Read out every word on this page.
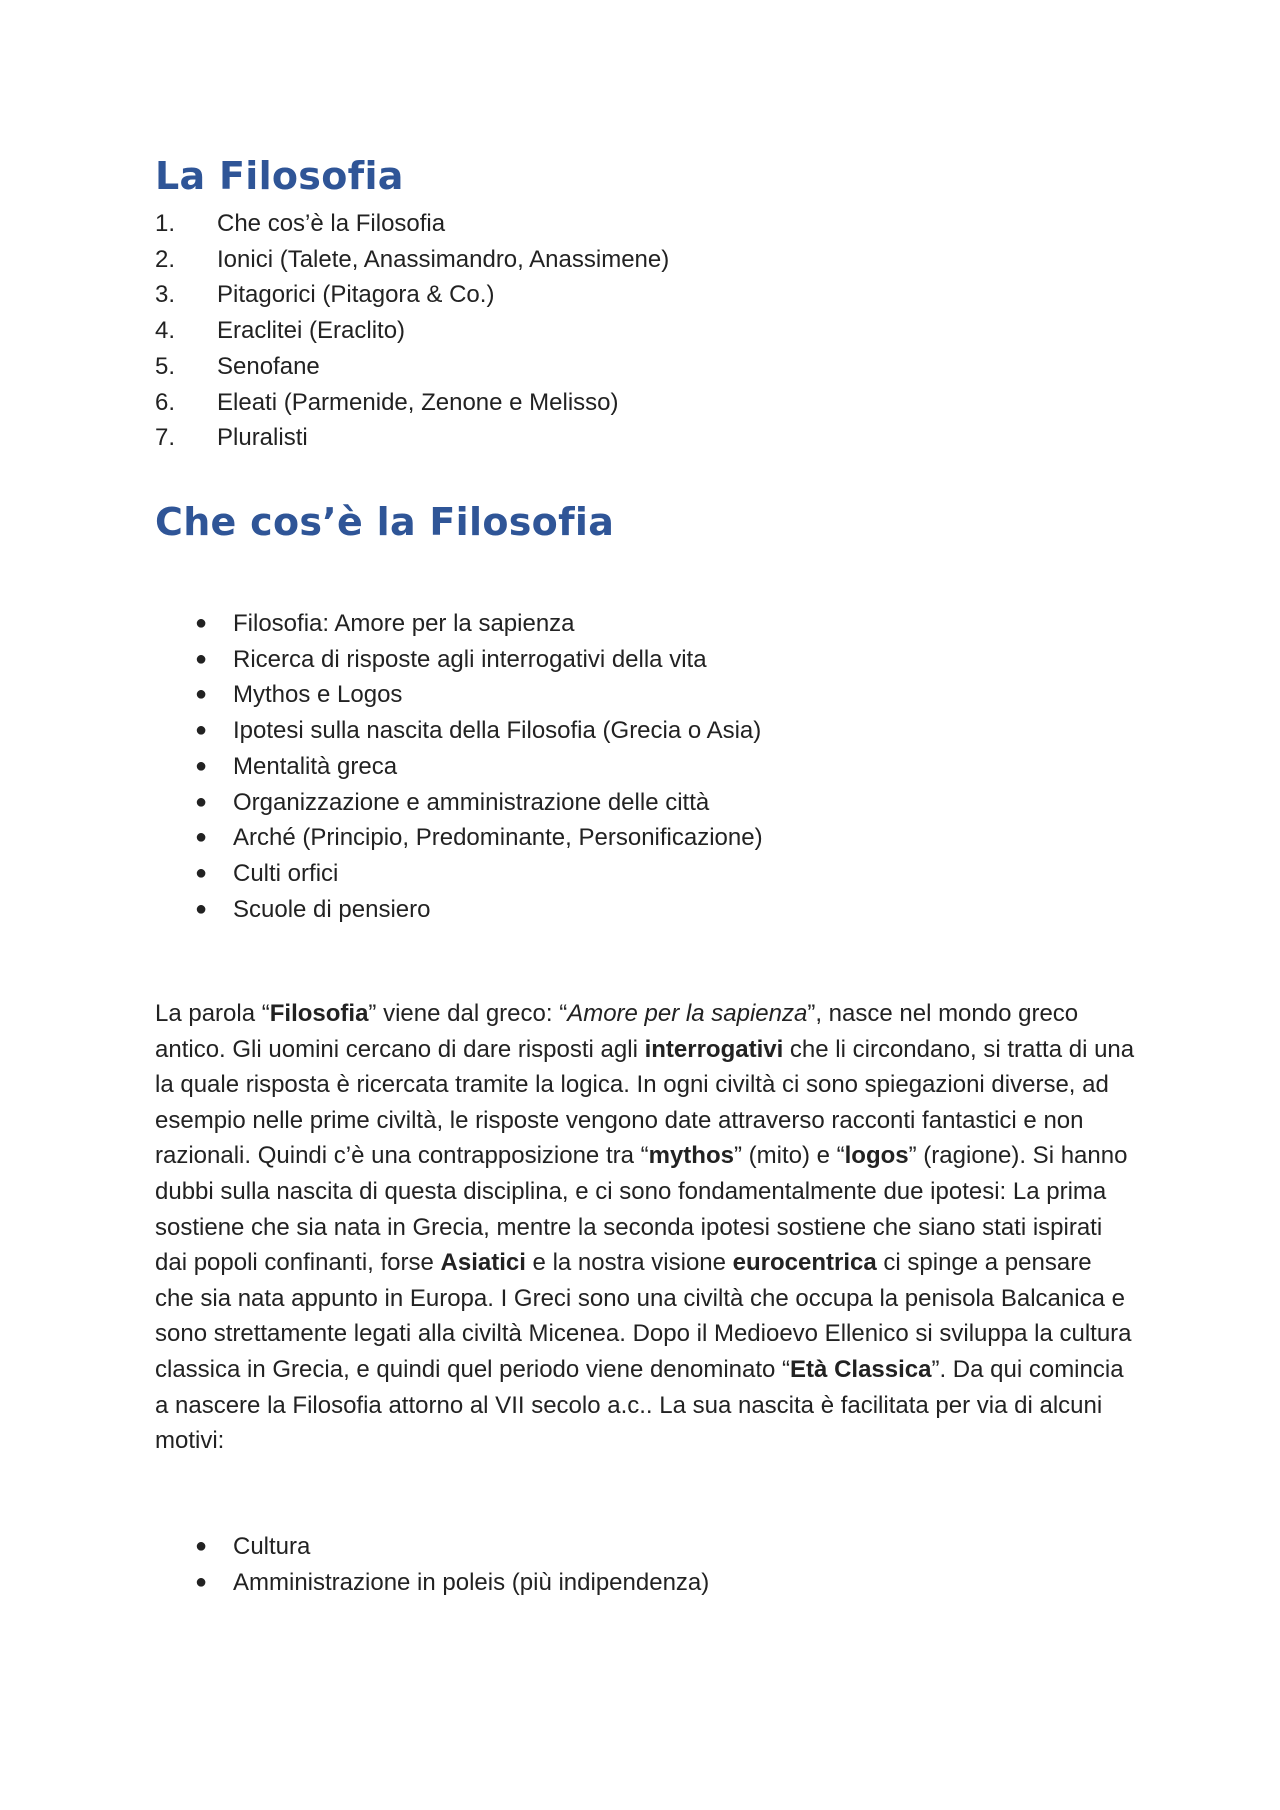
La Filosofia
1. Che cos’è la Filosofia
2. Ionici (Talete, Anassimandro, Anassimene)
3. Pitagorici (Pitagora & Co.)
4. Eraclitei (Eraclito)
5. Senofane
6. Eleati (Parmenide, Zenone e Melisso)
7. Pluralisti
Che cos’è la Filosofia
● Filosofia: Amore per la sapienza
● Ricerca di risposte agli interrogativi della vita
● Mythos e Logos
● Ipotesi sulla nascita della Filosofia (Grecia o Asia)
● Mentalità greca
● Organizzazione e amministrazione delle città
● Arché (Principio, Predominante, Personificazione)
● Culti orfici
● Scuole di pensiero

La parola “Filosofia” viene dal greco: “Amore per la sapienza”, nasce nel mondo greco antico. Gli uomini cercano di dare risposti agli interrogativi che li circondano, si tratta di una la quale risposta è ricercata tramite la logica. In ogni civiltà ci sono spiegazioni diverse, ad esempio nelle prime civiltà, le risposte vengono date attraverso racconti fantastici e non razionali. Quindi c’è una contrapposizione tra “mythos” (mito) e “logos” (ragione). Si hanno dubbi sulla nascita di questa disciplina, e ci sono fondamentalmente due ipotesi: La prima sostiene che sia nata in Grecia, mentre la seconda ipotesi sostiene che siano stati ispirati dai popoli confinanti, forse Asiatici e la nostra visione eurocentrica ci spinge a pensare che sia nata appunto in Europa. I Greci sono una civiltà che occupa la penisola Balcanica e sono strettamente legati alla civiltà Micenea. Dopo il Medioevo Ellenico si sviluppa la cultura classica in Grecia, e quindi quel periodo viene denominato “Età Classica”. Da qui comincia a nascere la Filosofia attorno al VII secolo a.c.. La sua nascita è facilitata per via di alcuni motivi:

● Cultura
● Amministrazione in poleis (più indipendenza)
